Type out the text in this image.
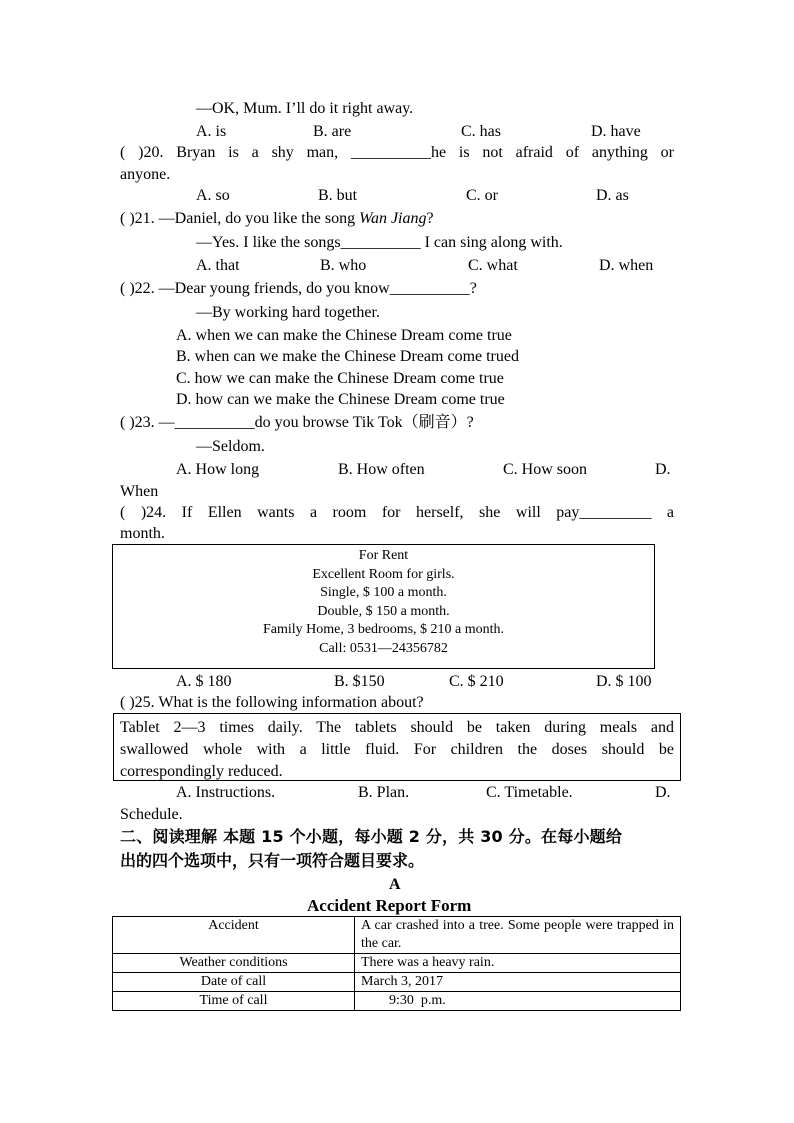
—OK, Mum. I’ll do it right away.
A. is	B. are	C. has	D. have
( )20. Bryan is a shy man, __________he is not afraid of anything or
anyone.
A. so	B. but	C. or	D. as
( )21. —Daniel, do you like the song Wan Jiang?
—Yes. I like the songs__________ I can sing along with.
A. that	B. who	C. what	D. when
( )22. —Dear young friends, do you know__________?
—By working hard together.
A. when we can make the Chinese Dream come true
B. when can we make the Chinese Dream come trued
C. how we can make the Chinese Dream come true
D. how can we make the Chinese Dream come true
( )23. —__________do you browse Tik Tok（刷音）?
—Seldom.
A. How long	B. How often	C. How soon	D.
When
( )24. If Ellen wants a room for herself, she will pay_________ a
month.
For Rent
Excellent Room for girls.
Single, $ 100 a month.
Double, $ 150 a month.
Family Home, 3 bedrooms, $ 210 a month.
Call: 0531—24356782
A. $ 180	B. $150	C. $ 210	D. $ 100
( )25. What is the following information about?
Tablet 2—3 times daily. The tablets should be taken during meals and
swallowed whole with a little fluid. For children the doses should be
correspondingly reduced.
A. Instructions.	B. Plan.	C. Timetable.	D.
Schedule.
二、阅读理解 本题 15 个小题，每小题 2 分，共 30 分。在每小题给
出的四个选项中，只有一项符合题目要求。
A
Accident Report Form
Accident	A car crashed into a tree. Some people were trapped in the car.
Weather conditions	There was a heavy rain.
Date of call	March 3, 2017
Time of call	9:30  p.m.
